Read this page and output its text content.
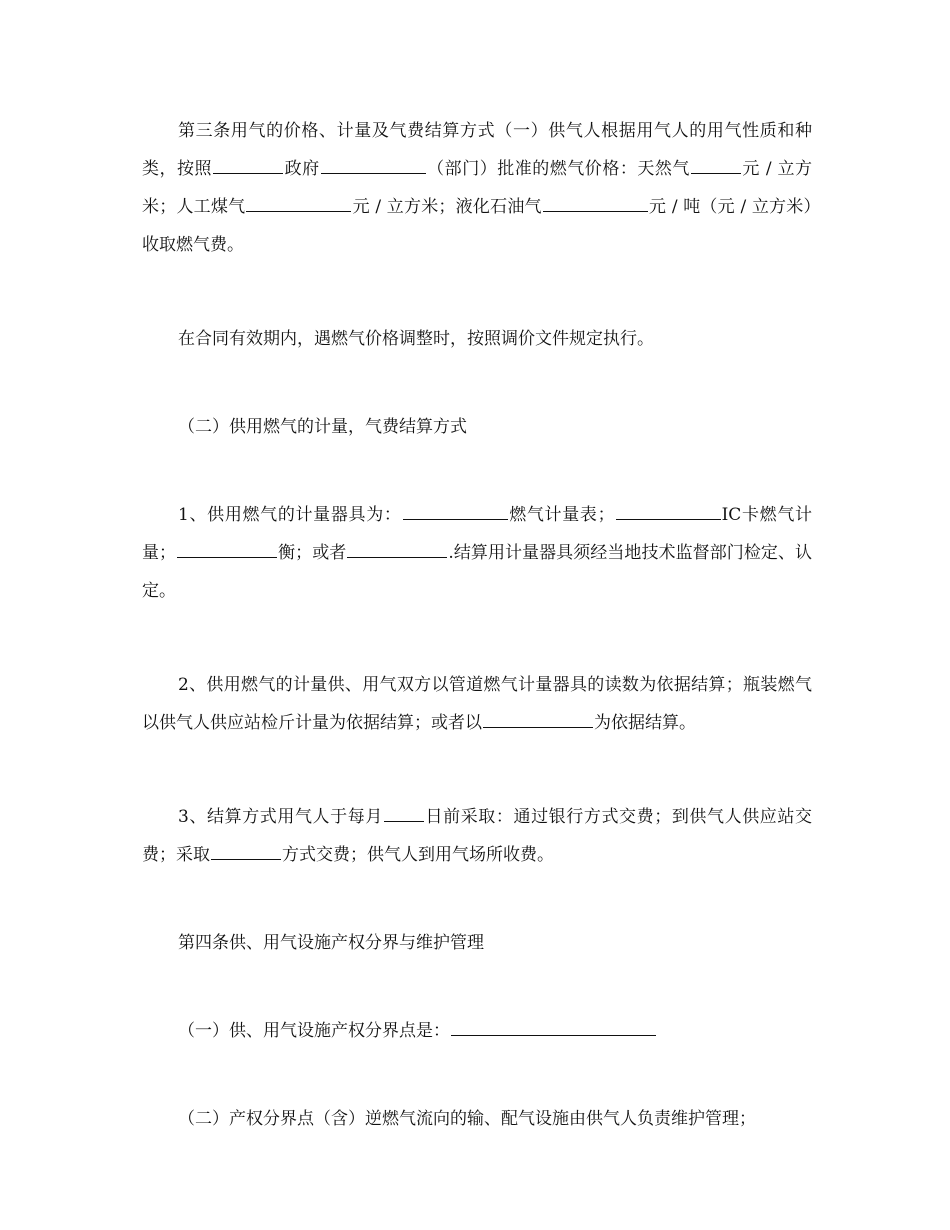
第三条用气的价格、计量及气费结算方式（一）供气人根据用气人的用气性质和种类，按照	政府	（部门）批准的燃气价格：天然气	元 / 立方米；人工煤气	元 / 立方米；液化石油气	元 / 吨（元 / 立方米）收取燃气费。

在合同有效期内，遇燃气价格调整时，按照调价文件规定执行。

（二）供用燃气的计量，气费结算方式

1、供用燃气的计量器具为：	燃气计量表；	IC卡燃气计量；	衡；或者	.结算用计量器具须经当地技术监督部门检定、认定。

2、供用燃气的计量供、用气双方以管道燃气计量器具的读数为依据结算；瓶装燃气以供气人供应站检斤计量为依据结算；或者以	为依据结算。

3、结算方式用气人于每月 日前采取：通过银行方式交费；到供气人供应站交费；采取	方式交费；供气人到用气场所收费。

第四条供、用气设施产权分界与维护管理

（一）供、用气设施产权分界点是：

（二）产权分界点（含）逆燃气流向的输、配气设施由供气人负责维护管理；
